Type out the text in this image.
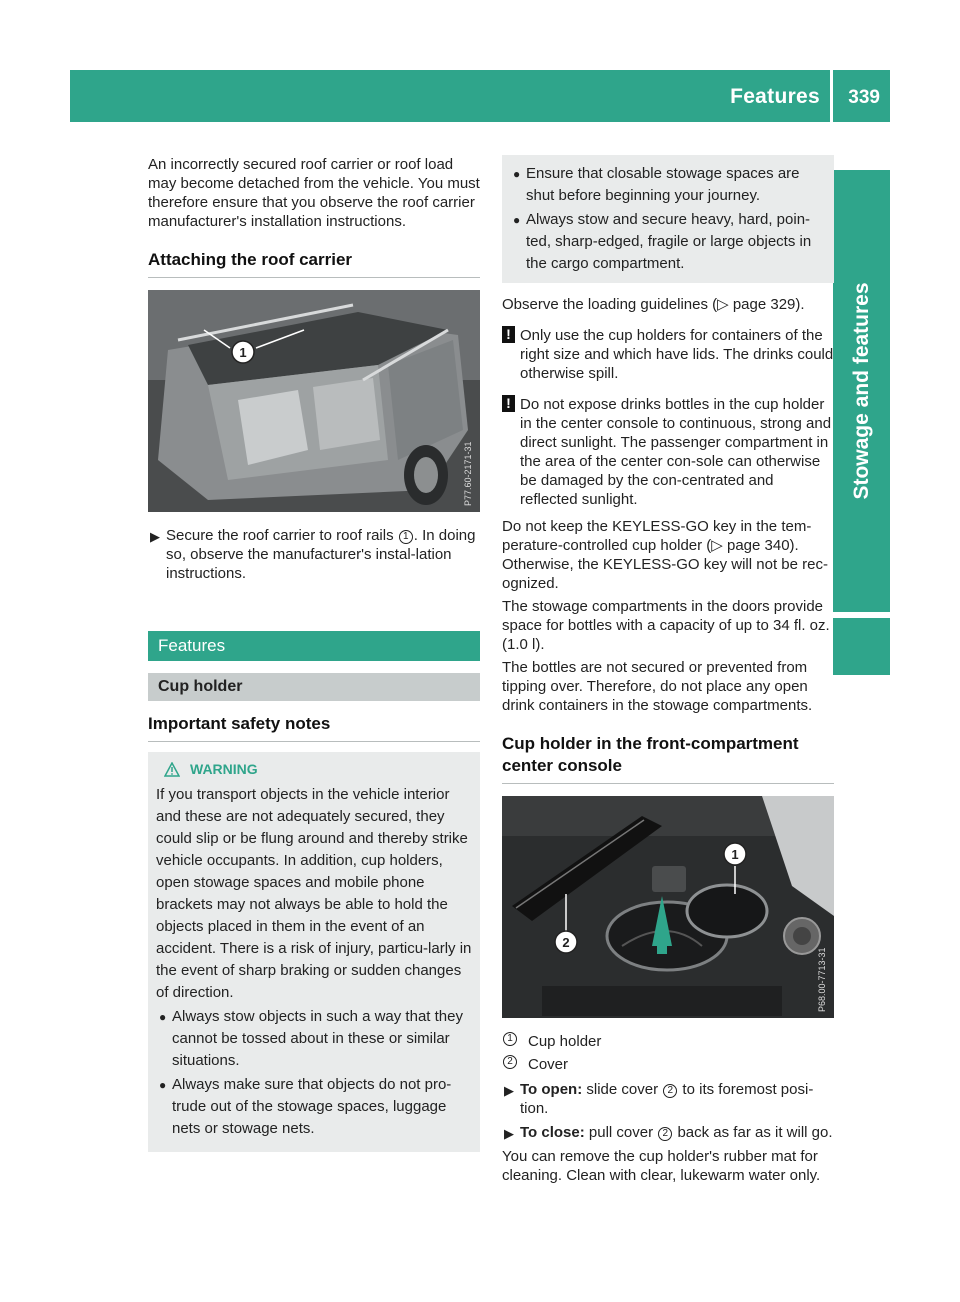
Features 339
Stowage and features

An incorrectly secured roof carrier or roof load may become detached from the vehicle. You must therefore ensure that you observe the roof carrier manufacturer's installation instructions.

Attaching the roof carrier
1
P77.60-2171-31
▶ Secure the roof carrier to roof rails 1 . In doing so, observe the manufacturer's instal-lation instructions.
Features
Cup holder
Important safety notes
WARNING

If you transport objects in the vehicle interior and these are not adequately secured, they could slip or be flung around and thereby strike vehicle occupants. In addition, cup holders, open stowage spaces and mobile phone brackets may not always be able to hold the objects placed in them in the event of an accident. There is a risk of injury, particu-larly in the event of sharp braking or sudden changes of direction.

● Always stow objects in such a way that they cannot be tossed about in these or similar situations.
● Always make sure that objects do not pro-trude out of the stowage spaces, luggage nets or stowage nets.
● Ensure that closable stowage spaces are shut before beginning your journey.
● Always stow and secure heavy, hard, poin-ted, sharp-edged, fragile or large objects in the cargo compartment.

Observe the loading guidelines (▷ page 329).

! Only use the cup holders for containers of the right size and which have lids. The drinks could otherwise spill.
! Do not expose drinks bottles in the cup holder in the center console to continuous, strong and direct sunlight. The passenger compartment in the area of the center con-sole can otherwise be damaged by the con-centrated and reflected sunlight.

Do not keep the KEYLESS-GO key in the tem-perature-controlled cup holder (▷ page 340). Otherwise, the KEYLESS-GO key will not be rec-ognized.

The stowage compartments in the doors provide space for bottles with a capacity of up to 34 fl. oz. (1.0 l).

The bottles are not secured or prevented from tipping over. Therefore, do not place any open drink containers in the stowage compartments.

Cup holder in the front-compartment center console
1
2
P68.00-7713-31
1 Cup holder
2 Cover
▶ To open: slide cover 2 to its foremost posi-tion.
▶ To close: pull cover 2 back as far as it will go.

You can remove the cup holder's rubber mat for cleaning. Clean with clear, lukewarm water only.
